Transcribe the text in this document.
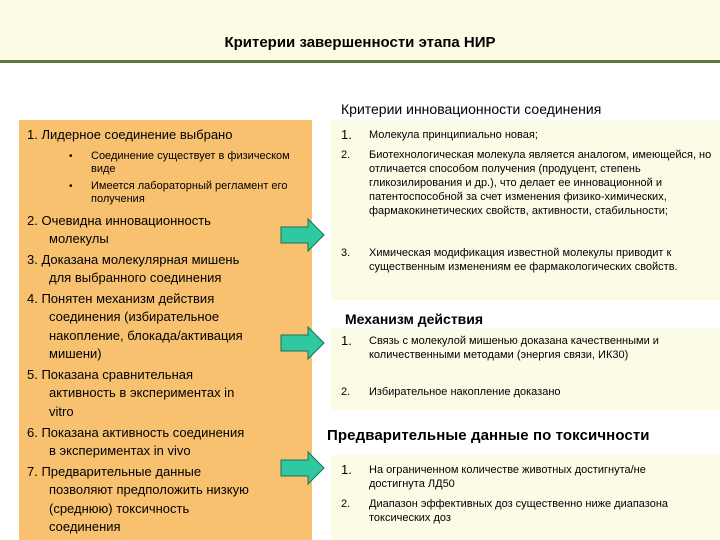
Критерии завершенности этапа НИР
Критерии инновационности соединения
1. Лидерное соединение выбрано
• Соединение существует в физическом виде
• Имеется лабораторный регламент его получения
2. Очевидна инновационность
молекулы
3. Доказана молекулярная мишень
для выбранного соединения
4. Понятен механизм действия
соединения (избирательное
накопление, блокада/активация
мишени)
5. Показана сравнительная
активность в экспериментах in
vitro
6. Показана активность соединения
в экспериментах in vivo
7. Предварительные данные
позволяют предположить низкую
(среднюю) токсичность
соединения
1. Молекула принципиально новая;
2. Биотехнологическая молекула является аналогом, имеющейся, но отличается способом получения (продуцент, степень гликозилирования и др.), что делает ее инновационной и патентоспособной за счет изменения физико-химических, фармакокинетических свойств, активности, стабильности;
3. Химическая модификация известной молекулы приводит к существенным изменениям ее фармакологических свойств.
Механизм действия
1. Связь с молекулой мишенью доказана качественными и количественными методами (энергия связи, ИК30)
2. Избирательное накопление доказано
Предварительные данные по токсичности
1. На ограниченном количестве животных достигнута/не достигнута ЛД50
2. Диапазон эффективных доз существенно ниже диапазона токсических доз
